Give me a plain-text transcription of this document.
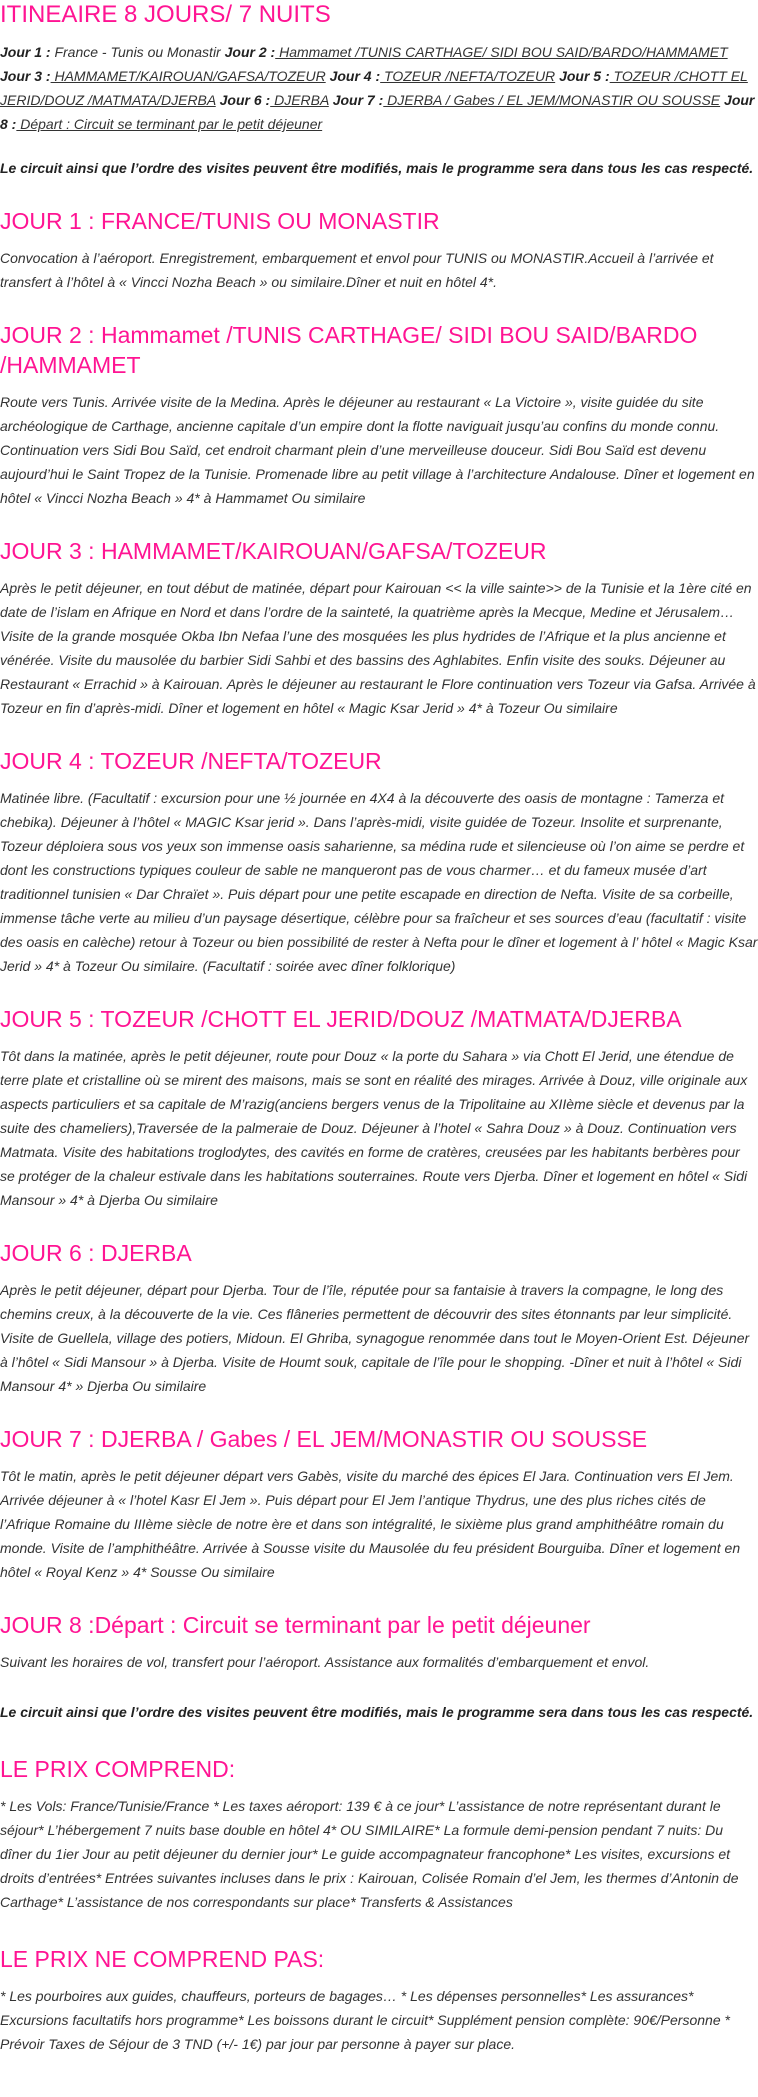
ITINEAIRE 8 JOURS/ 7 NUITS

Jour 1 : France - Tunis ou Monastir Jour 2 : Hammamet /TUNIS CARTHAGE/ SIDI BOU SAID/BARDO/HAMMAMET Jour 3 : HAMMAMET/KAIROUAN/GAFSA/TOZEUR Jour 4 : TOZEUR /NEFTA/TOZEUR Jour 5 : TOZEUR /CHOTT EL JERID/DOUZ /MATMATA/DJERBA Jour 6 : DJERBA Jour 7 : DJERBA / Gabes / EL JEM/MONASTIR OU SOUSSE Jour 8 : Départ : Circuit se terminant par le petit déjeuner

Le circuit ainsi que l’ordre des visites peuvent être modifiés, mais le programme sera dans tous les cas respecté.

JOUR 1 : FRANCE/TUNIS OU MONASTIR

Convocation à l’aéroport. Enregistrement, embarquement et envol pour TUNIS ou MONASTIR.Accueil à l’arrivée et transfert à l’hôtel à « Vincci Nozha Beach » ou similaire.Dîner et nuit en hôtel 4*.

JOUR 2 : Hammamet /TUNIS CARTHAGE/ SIDI BOU SAID/BARDO /HAMMAMET

Route vers Tunis. Arrivée visite de la Medina. Après le déjeuner au restaurant « La Victoire », visite guidée du site archéologique de Carthage, ancienne capitale d’un empire dont la flotte naviguait jusqu’au confins du monde connu. Continuation vers Sidi Bou Saïd, cet endroit charmant plein d’une merveilleuse douceur. Sidi Bou Saïd est devenu aujourd’hui le Saint Tropez de la Tunisie. Promenade libre au petit village à l’architecture Andalouse. Dîner et logement en hôtel « Vincci Nozha Beach » 4* à Hammamet Ou similaire

JOUR 3 : HAMMAMET/KAIROUAN/GAFSA/TOZEUR

Après le petit déjeuner, en tout début de matinée, départ pour Kairouan << la ville sainte>> de la Tunisie et la 1ère cité en date de l’islam en Afrique en Nord et dans l’ordre de la sainteté, la quatrième après la Mecque, Medine et Jérusalem… Visite de la grande mosquée Okba Ibn Nefaa l’une des mosquées les plus hydrides de l’Afrique et la plus ancienne et vénérée. Visite du mausolée du barbier Sidi Sahbi et des bassins des Aghlabites. Enfin visite des souks. Déjeuner au Restaurant « Errachid » à Kairouan. Après le déjeuner au restaurant le Flore continuation vers Tozeur via Gafsa. Arrivée à Tozeur en fin d’après-midi. Dîner et logement en hôtel « Magic Ksar Jerid » 4* à Tozeur Ou similaire

JOUR 4 : TOZEUR /NEFTA/TOZEUR

Matinée libre. (Facultatif : excursion pour une ½ journée en 4X4 à la découverte des oasis de montagne : Tamerza et chebika). Déjeuner à l’hôtel « MAGIC Ksar jerid ». Dans l’après-midi, visite guidée de Tozeur. Insolite et surprenante, Tozeur déploiera sous vos yeux son immense oasis saharienne, sa médina rude et silencieuse où l’on aime se perdre et dont les constructions typiques couleur de sable ne manqueront pas de vous charmer… et du fameux musée d’art traditionnel tunisien « Dar Chraïet ». Puis départ pour une petite escapade en direction de Nefta. Visite de sa corbeille, immense tâche verte au milieu d’un paysage désertique, célèbre pour sa fraîcheur et ses sources d’eau (facultatif : visite des oasis en calèche) retour à Tozeur ou bien possibilité de rester à Nefta pour le dîner et logement à l’ hôtel « Magic Ksar Jerid » 4* à Tozeur Ou similaire. (Facultatif : soirée avec dîner folklorique)

JOUR 5 : TOZEUR /CHOTT EL JERID/DOUZ /MATMATA/DJERBA

Tôt dans la matinée, après le petit déjeuner, route pour Douz « la porte du Sahara » via Chott El Jerid, une étendue de terre plate et cristalline où se mirent des maisons, mais se sont en réalité des mirages. Arrivée à Douz, ville originale aux aspects particuliers et sa capitale de M’razig(anciens bergers venus de la Tripolitaine au XIIème siècle et devenus par la suite des chameliers),Traversée de la palmeraie de Douz. Déjeuner à l’hotel « Sahra Douz » à Douz. Continuation vers Matmata. Visite des habitations troglodytes, des cavités en forme de cratères, creusées par les habitants berbères pour se protéger de la chaleur estivale dans les habitations souterraines. Route vers Djerba. Dîner et logement en hôtel « Sidi Mansour » 4* à Djerba Ou similaire

JOUR 6 : DJERBA

Après le petit déjeuner, départ pour Djerba. Tour de l’île, réputée pour sa fantaisie à travers la compagne, le long des chemins creux, à la découverte de la vie. Ces flâneries permettent de découvrir des sites étonnants par leur simplicité. Visite de Guellela, village des potiers, Midoun. El Ghriba, synagogue renommée dans tout le Moyen-Orient Est. Déjeuner à l’hôtel « Sidi Mansour » à Djerba. Visite de Houmt souk, capitale de l’île pour le shopping. -Dîner et nuit à l’hôtel « Sidi Mansour 4* » Djerba Ou similaire

JOUR 7 : DJERBA / Gabes / EL JEM/MONASTIR OU SOUSSE

Tôt le matin, après le petit déjeuner départ vers Gabès, visite du marché des épices El Jara. Continuation vers El Jem. Arrivée déjeuner à « l’hotel Kasr El Jem ». Puis départ pour El Jem l’antique Thydrus, une des plus riches cités de l’Afrique Romaine du IIIème siècle de notre ère et dans son intégralité, le sixième plus grand amphithéâtre romain du monde. Visite de l’amphithéâtre. Arrivée à Sousse visite du Mausolée du feu président Bourguiba. Dîner et logement en hôtel « Royal Kenz » 4* Sousse Ou similaire

JOUR 8 :Départ : Circuit se terminant par le petit déjeuner

Suivant les horaires de vol, transfert pour l’aéroport. Assistance aux formalités d’embarquement et envol.

Le circuit ainsi que l’ordre des visites peuvent être modifiés, mais le programme sera dans tous les cas respecté.

LE PRIX COMPREND:

* Les Vols: France/Tunisie/France * Les taxes aéroport: 139 € à ce jour* L’assistance de notre représentant durant le séjour* L’hébergement 7 nuits base double en hôtel 4* OU SIMILAIRE* La formule demi-pension pendant 7 nuits: Du dîner du 1ier Jour au petit déjeuner du dernier jour* Le guide accompagnateur francophone* Les visites, excursions et droits d’entrées* Entrées suivantes incluses dans le prix : Kairouan, Colisée Romain d’el Jem, les thermes d’Antonin de Carthage* L’assistance de nos correspondants sur place* Transferts & Assistances

LE PRIX NE COMPREND PAS:

* Les pourboires aux guides, chauffeurs, porteurs de bagages… * Les dépenses personnelles* Les assurances* Excursions facultatifs hors programme* Les boissons durant le circuit* Supplément pension complète: 90€/Personne * Prévoir Taxes de Séjour de 3 TND (+/- 1€) par jour par personne à payer sur place.
